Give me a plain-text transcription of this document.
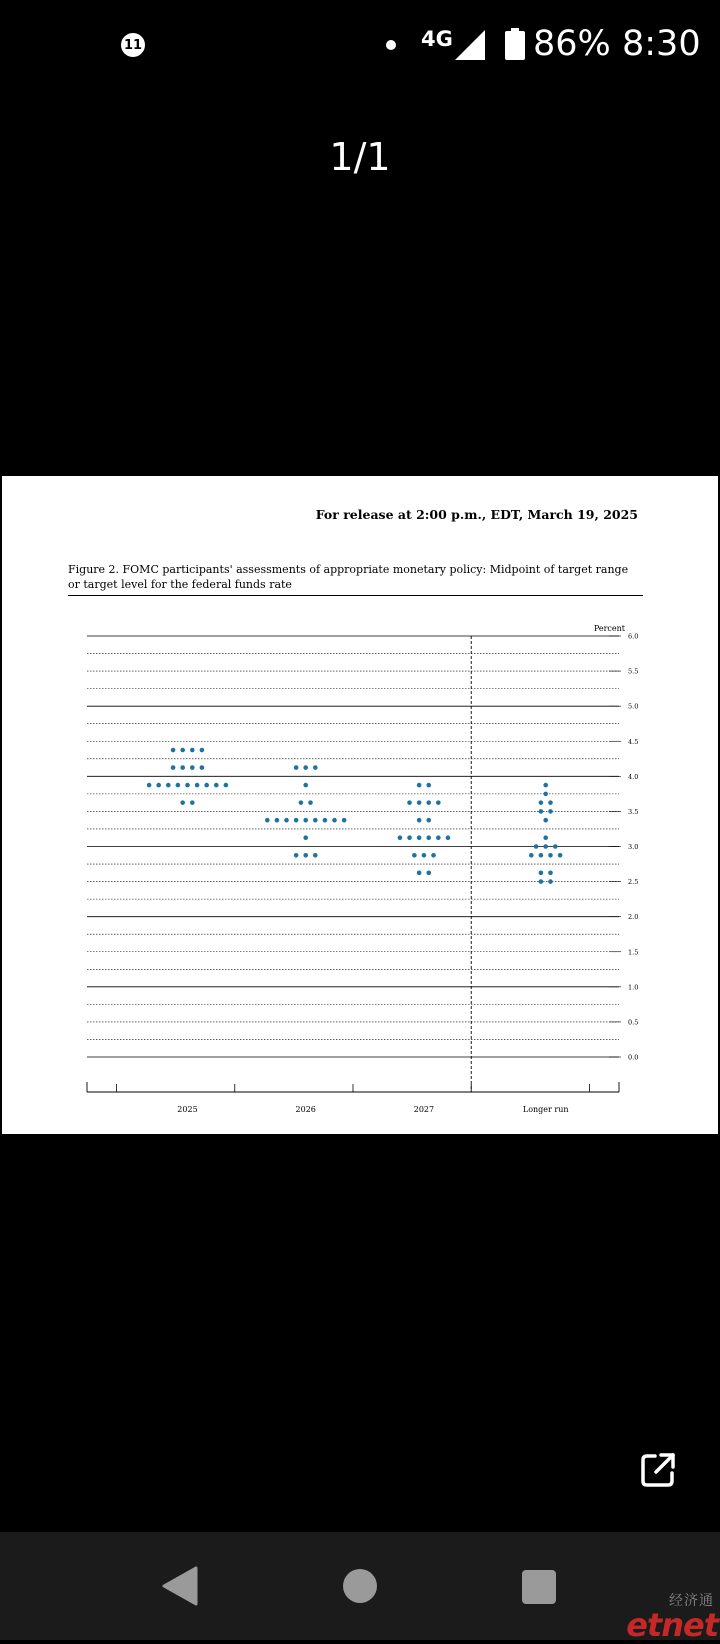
11	4G 86% 8:30
1/1
For release at 2:00 p.m., EDT, March 19, 2025
Figure 2. FOMC participants' assessments of appropriate monetary policy: Midpoint of target range or target level for the federal funds rate
0.0
0.5
1.0
1.5
2.0
2.5
3.0
3.5
4.0
4.5
5.0
5.5
6.0
Percent
2025	2026	2027	Longer run
经济通
etnet
